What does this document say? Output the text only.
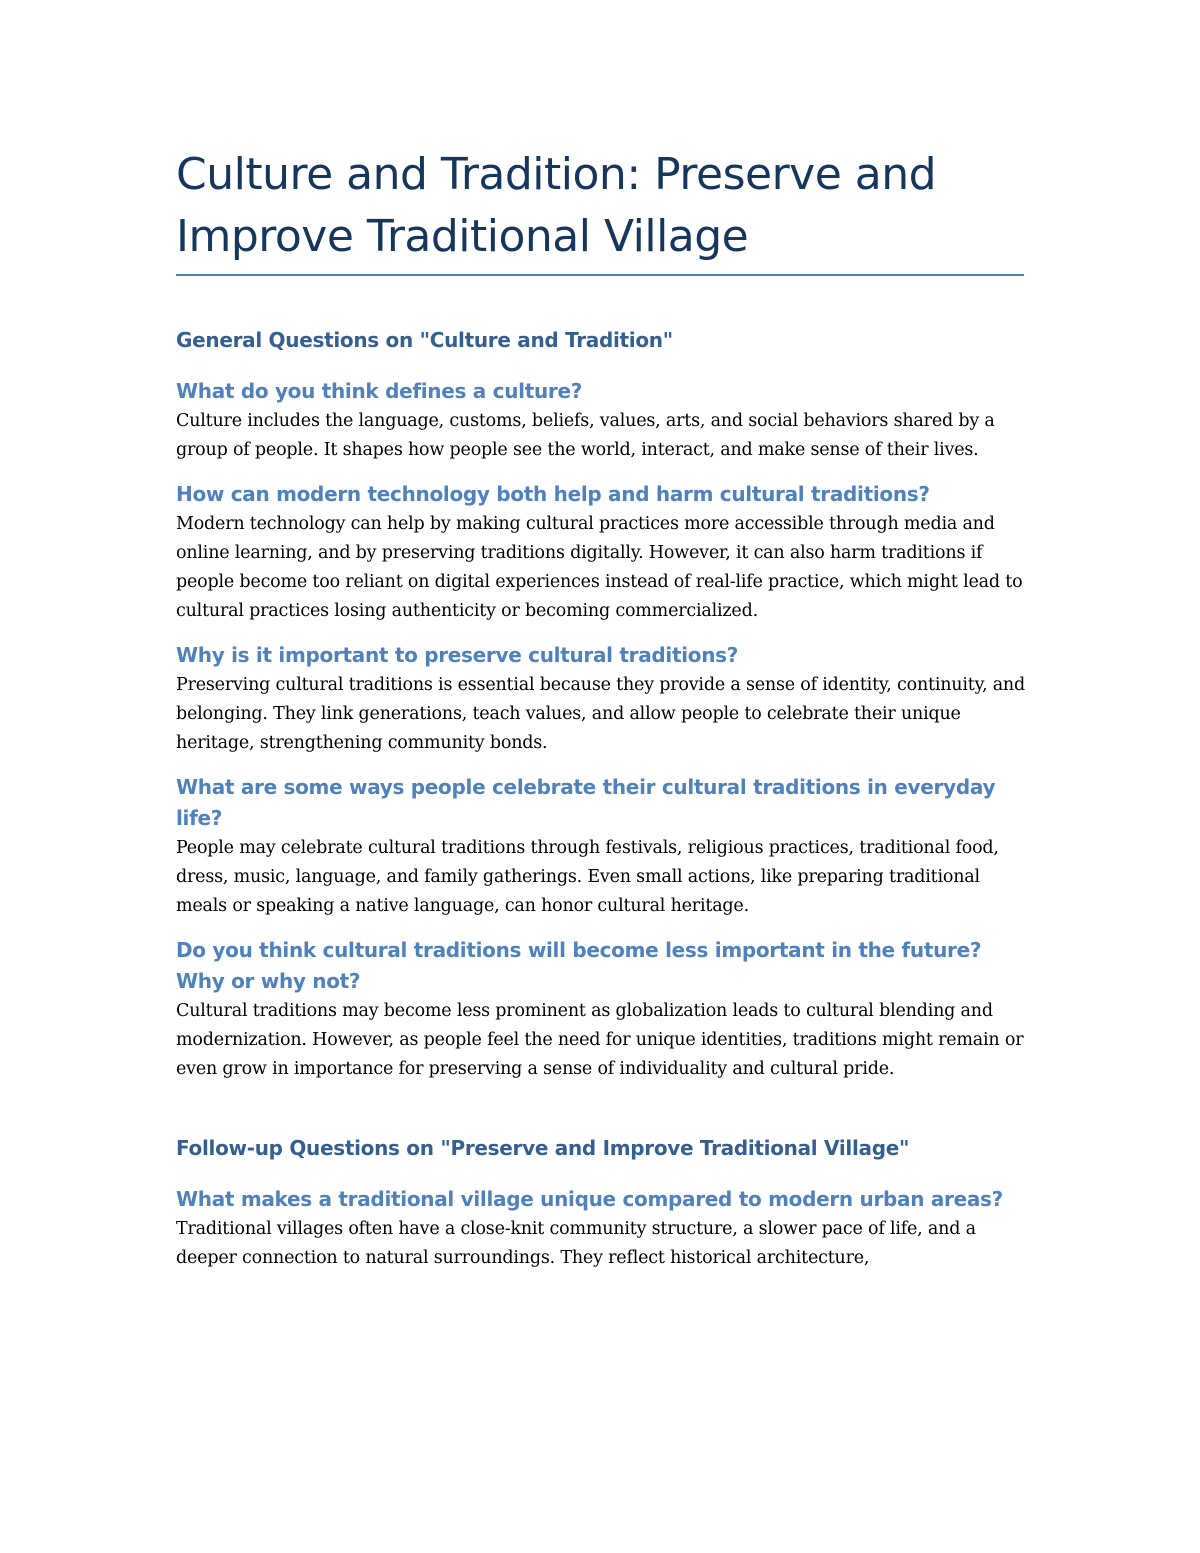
Culture and Tradition: Preserve and Improve Traditional Village
General Questions on "Culture and Tradition"
What do you think defines a culture?

Culture includes the language, customs, beliefs, values, arts, and social behaviors shared by a group of people. It shapes how people see the world, interact, and make sense of their lives.

How can modern technology both help and harm cultural traditions?

Modern technology can help by making cultural practices more accessible through media and online learning, and by preserving traditions digitally. However, it can also harm traditions if people become too reliant on digital experiences instead of real-life practice, which might lead to cultural practices losing authenticity or becoming commercialized.

Why is it important to preserve cultural traditions?

Preserving cultural traditions is essential because they provide a sense of identity, continuity, and belonging. They link generations, teach values, and allow people to celebrate their unique heritage, strengthening community bonds.

What are some ways people celebrate their cultural traditions in everyday life?

People may celebrate cultural traditions through festivals, religious practices, traditional food, dress, music, language, and family gatherings. Even small actions, like preparing traditional meals or speaking a native language, can honor cultural heritage.

Do you think cultural traditions will become less important in the future? Why or why not?

Cultural traditions may become less prominent as globalization leads to cultural blending and modernization. However, as people feel the need for unique identities, traditions might remain or even grow in importance for preserving a sense of individuality and cultural pride.

Follow-up Questions on "Preserve and Improve Traditional Village"
What makes a traditional village unique compared to modern urban areas?

Traditional villages often have a close-knit community structure, a slower pace of life, and a deeper connection to natural surroundings. They reflect historical architecture,
